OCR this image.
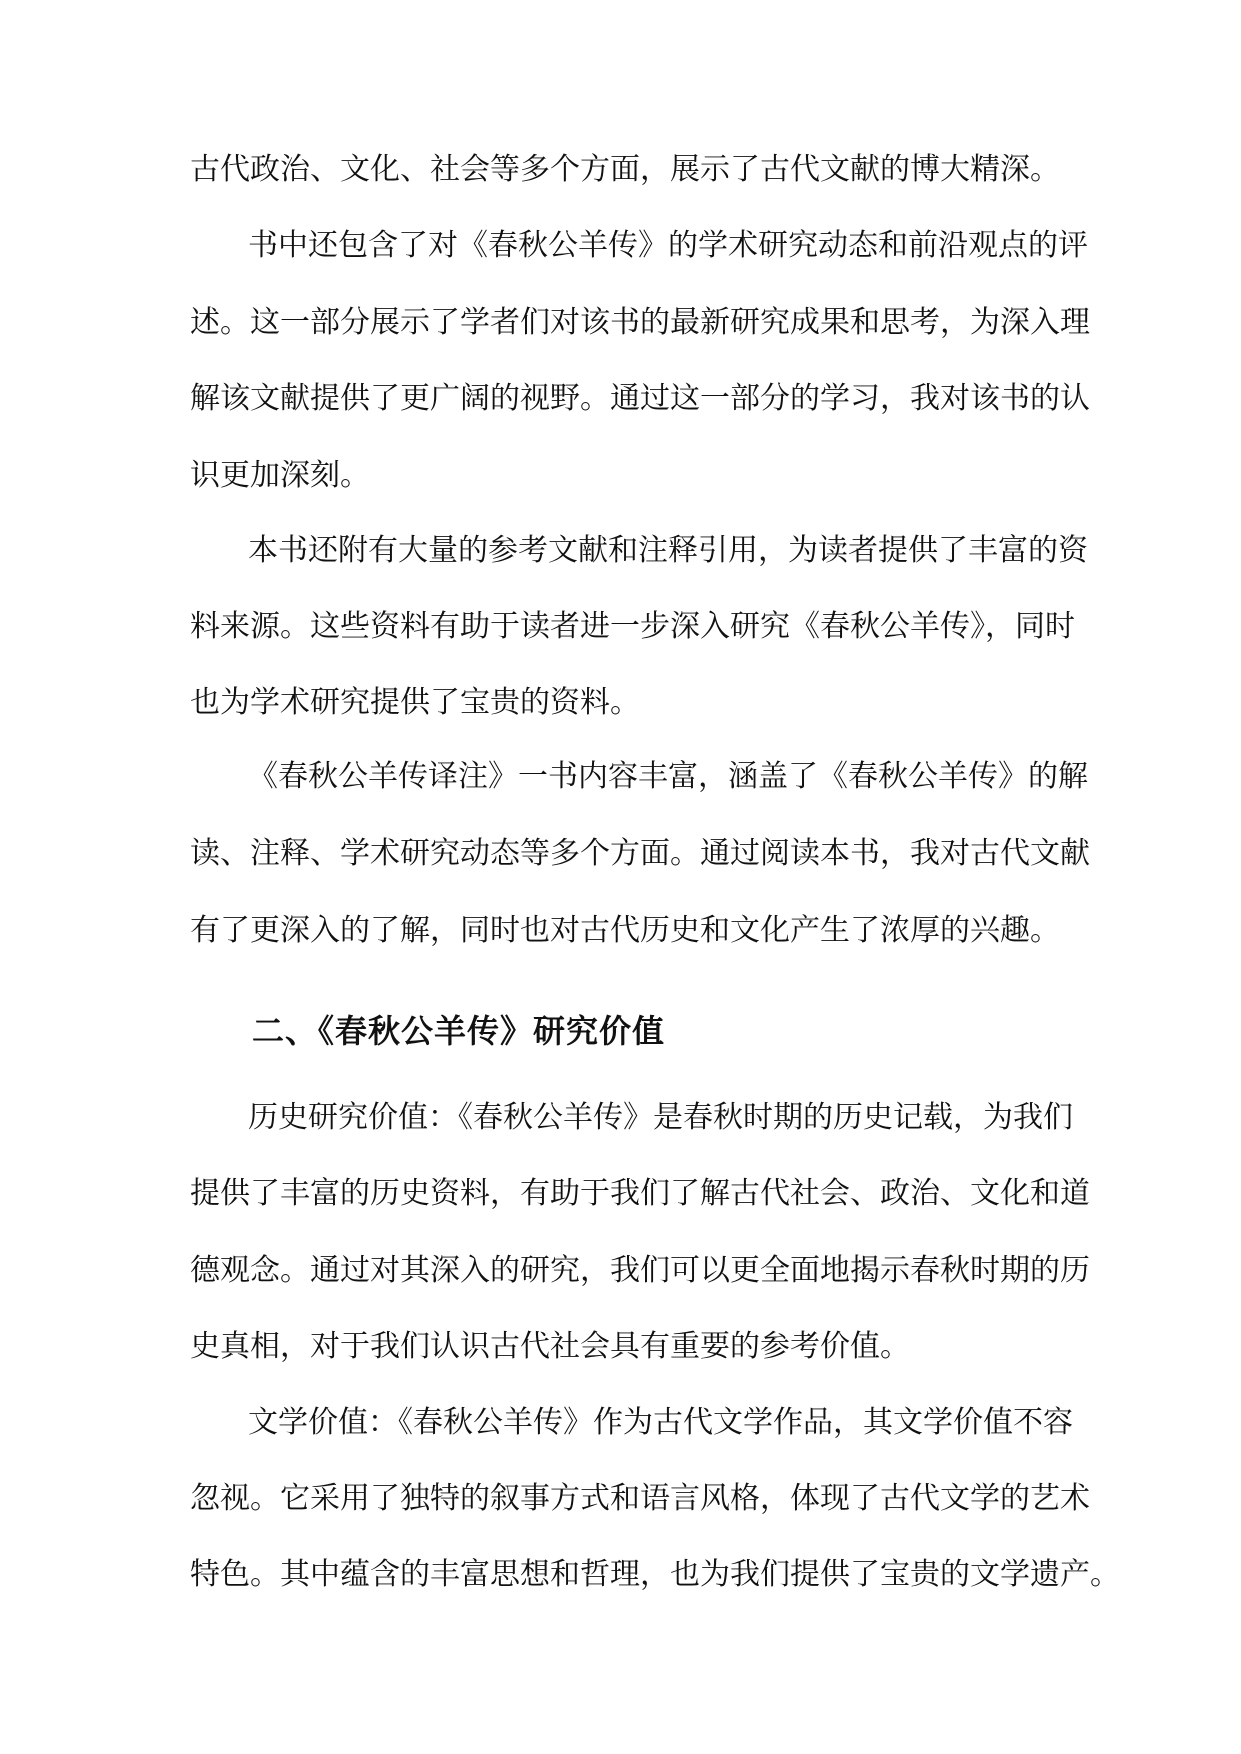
古代政治、文化、社会等多个方面，展示了古代文献的博大精深。
书中还包含了对《春秋公羊传》的学术研究动态和前沿观点的评
述。这一部分展示了学者们对该书的最新研究成果和思考，为深入理
解该文献提供了更广阔的视野。通过这一部分的学习，我对该书的认
识更加深刻。
本书还附有大量的参考文献和注释引用，为读者提供了丰富的资
料来源。这些资料有助于读者进一步深入研究《春秋公羊传》，同时
也为学术研究提供了宝贵的资料。
《春秋公羊传译注》一书内容丰富，涵盖了《春秋公羊传》的解
读、注释、学术研究动态等多个方面。通过阅读本书，我对古代文献
有了更深入的了解，同时也对古代历史和文化产生了浓厚的兴趣。
二、《春秋公羊传》研究价值
历史研究价值：《春秋公羊传》是春秋时期的历史记载，为我们
提供了丰富的历史资料，有助于我们了解古代社会、政治、文化和道
德观念。通过对其深入的研究，我们可以更全面地揭示春秋时期的历
史真相，对于我们认识古代社会具有重要的参考价值。
文学价值：《春秋公羊传》作为古代文学作品，其文学价值不容
忽视。它采用了独特的叙事方式和语言风格，体现了古代文学的艺术
特色。其中蕴含的丰富思想和哲理，也为我们提供了宝贵的文学遗产。
